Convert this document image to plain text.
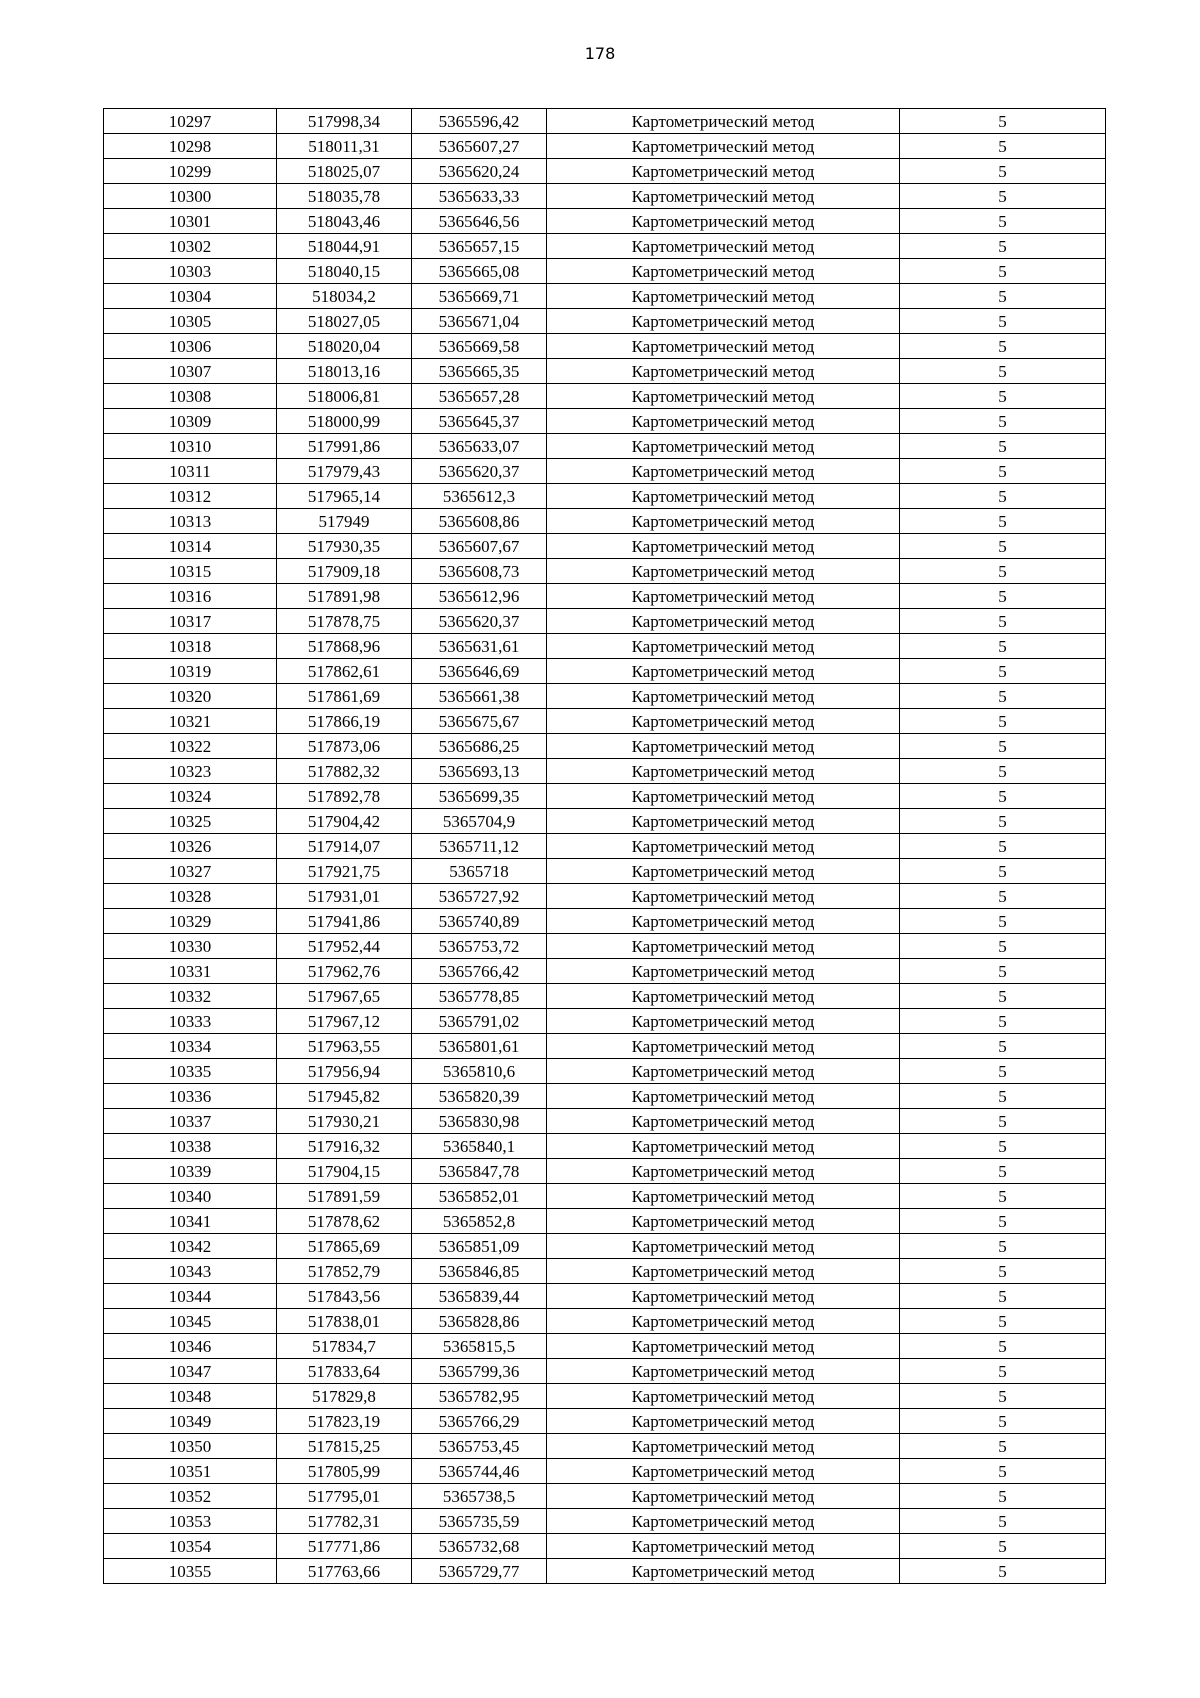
178
10297	517998,34	5365596,42	Картометрический метод	5
10298	518011,31	5365607,27	Картометрический метод	5
10299	518025,07	5365620,24	Картометрический метод	5
10300	518035,78	5365633,33	Картометрический метод	5
10301	518043,46	5365646,56	Картометрический метод	5
10302	518044,91	5365657,15	Картометрический метод	5
10303	518040,15	5365665,08	Картометрический метод	5
10304	518034,2	5365669,71	Картометрический метод	5
10305	518027,05	5365671,04	Картометрический метод	5
10306	518020,04	5365669,58	Картометрический метод	5
10307	518013,16	5365665,35	Картометрический метод	5
10308	518006,81	5365657,28	Картометрический метод	5
10309	518000,99	5365645,37	Картометрический метод	5
10310	517991,86	5365633,07	Картометрический метод	5
10311	517979,43	5365620,37	Картометрический метод	5
10312	517965,14	5365612,3	Картометрический метод	5
10313	517949	5365608,86	Картометрический метод	5
10314	517930,35	5365607,67	Картометрический метод	5
10315	517909,18	5365608,73	Картометрический метод	5
10316	517891,98	5365612,96	Картометрический метод	5
10317	517878,75	5365620,37	Картометрический метод	5
10318	517868,96	5365631,61	Картометрический метод	5
10319	517862,61	5365646,69	Картометрический метод	5
10320	517861,69	5365661,38	Картометрический метод	5
10321	517866,19	5365675,67	Картометрический метод	5
10322	517873,06	5365686,25	Картометрический метод	5
10323	517882,32	5365693,13	Картометрический метод	5
10324	517892,78	5365699,35	Картометрический метод	5
10325	517904,42	5365704,9	Картометрический метод	5
10326	517914,07	5365711,12	Картометрический метод	5
10327	517921,75	5365718	Картометрический метод	5
10328	517931,01	5365727,92	Картометрический метод	5
10329	517941,86	5365740,89	Картометрический метод	5
10330	517952,44	5365753,72	Картометрический метод	5
10331	517962,76	5365766,42	Картометрический метод	5
10332	517967,65	5365778,85	Картометрический метод	5
10333	517967,12	5365791,02	Картометрический метод	5
10334	517963,55	5365801,61	Картометрический метод	5
10335	517956,94	5365810,6	Картометрический метод	5
10336	517945,82	5365820,39	Картометрический метод	5
10337	517930,21	5365830,98	Картометрический метод	5
10338	517916,32	5365840,1	Картометрический метод	5
10339	517904,15	5365847,78	Картометрический метод	5
10340	517891,59	5365852,01	Картометрический метод	5
10341	517878,62	5365852,8	Картометрический метод	5
10342	517865,69	5365851,09	Картометрический метод	5
10343	517852,79	5365846,85	Картометрический метод	5
10344	517843,56	5365839,44	Картометрический метод	5
10345	517838,01	5365828,86	Картометрический метод	5
10346	517834,7	5365815,5	Картометрический метод	5
10347	517833,64	5365799,36	Картометрический метод	5
10348	517829,8	5365782,95	Картометрический метод	5
10349	517823,19	5365766,29	Картометрический метод	5
10350	517815,25	5365753,45	Картометрический метод	5
10351	517805,99	5365744,46	Картометрический метод	5
10352	517795,01	5365738,5	Картометрический метод	5
10353	517782,31	5365735,59	Картометрический метод	5
10354	517771,86	5365732,68	Картометрический метод	5
10355	517763,66	5365729,77	Картометрический метод	5
